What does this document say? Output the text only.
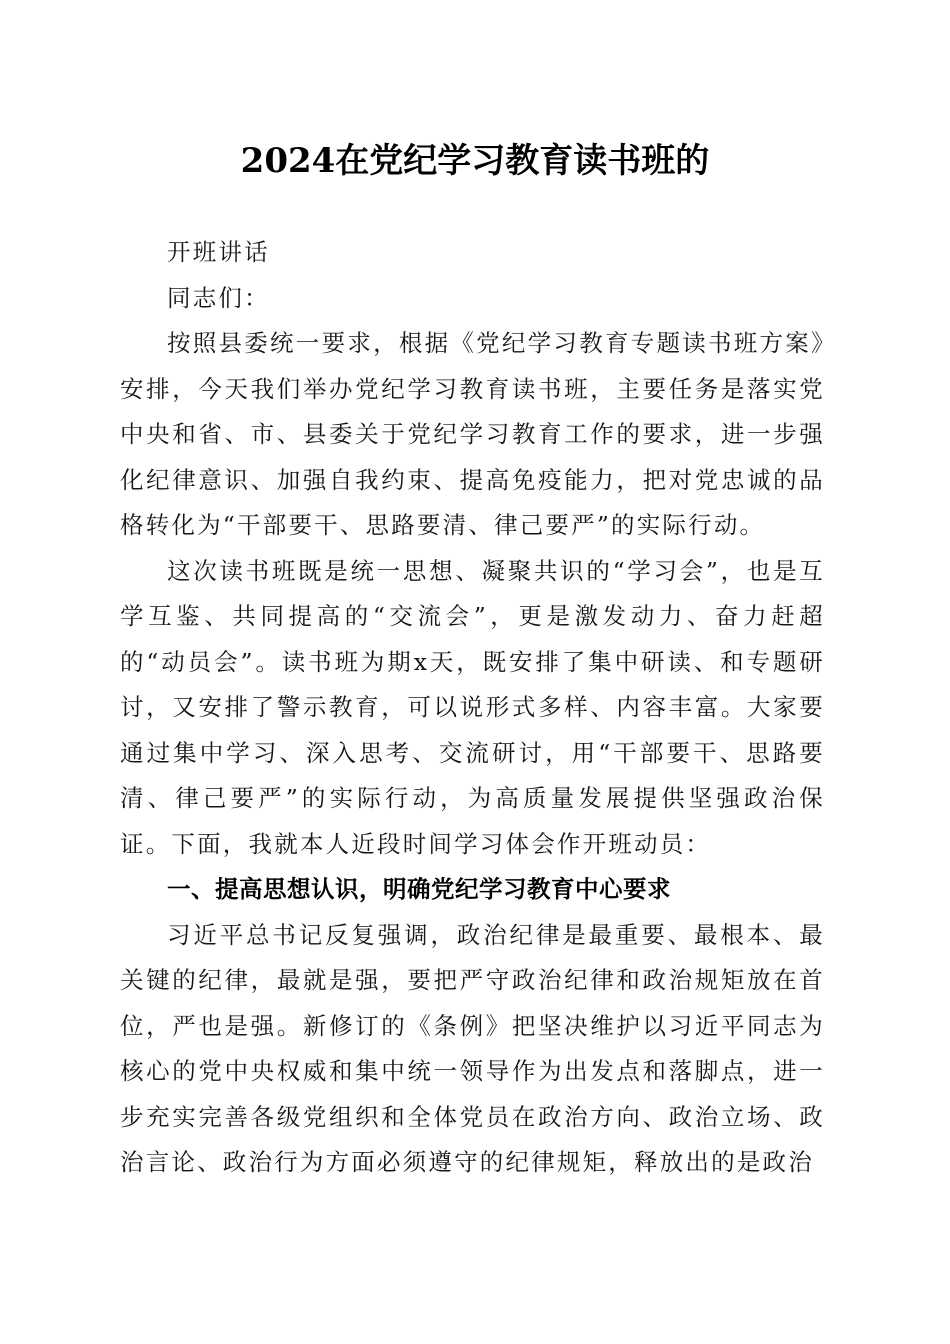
2024在党纪学习教育读书班的

开班讲话

同志们：

按照县委统一要求，根据《党纪学习教育专题读书班方案》安排，今天我们举办党纪学习教育读书班，主要任务是落实党中央和省、市、县委关于党纪学习教育工作的要求，进一步强化纪律意识、加强自我约束、提高免疫能力，把对党忠诚的品格转化为“干部要干、思路要清、律己要严”的实际行动。

这次读书班既是统一思想、凝聚共识的“学习会”，也是互学互鉴、共同提高的“交流会”，更是激发动力、奋力赶超的“动员会”。读书班为期x天，既安排了集中研读、和专题研讨，又安排了警示教育，可以说形式多样、内容丰富。大家要通过集中学习、深入思考、交流研讨，用“干部要干、思路要清、律己要严”的实际行动，为高质量发展提供坚强政治保证。下面，我就本人近段时间学习体会作开班动员：

一、提高思想认识，明确党纪学习教育中心要求

习近平总书记反复强调，政治纪律是最重要、最根本、最关键的纪律，最就是强，要把严守政治纪律和政治规矩放在首位，严也是强。新修订的《条例》把坚决维护以习近平同志为核心的党中央权威和集中统一领导作为出发点和落脚点，进一步充实完善各级党组织和全体党员在政治方向、政治立场、政治言论、政治行为方面必须遵守的纪律规矩，释放出的是政治
